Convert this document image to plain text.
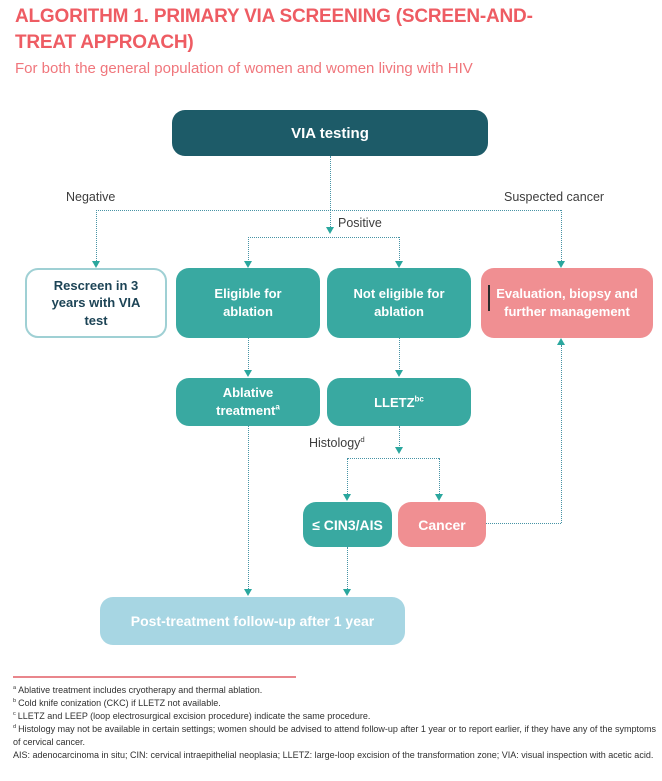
ALGORITHM 1. PRIMARY VIA SCREENING (SCREEN-AND-TREAT APPROACH)
For both the general population of women and women living with HIV
VIA testing
Negative	Suspected cancer
Positive
Rescreen in 3 years with VIA test
Eligible for ablation
Not eligible for ablation
Evaluation, biopsy and further management
Ablative treatment$^a$	$LLETZ^{bc}$
Histology$^d$
≤ CIN3/AIS	Cancer
Post-treatment follow-up after 1 year
$^a$ Ablative treatment includes cryotherapy and thermal ablation.
$^b$ Cold knife conization (CKC) if LLETZ not available.
$^c$ LLETZ and LEEP (loop electrosurgical excision procedure) indicate the same procedure.
$^d$ Histology may not be available in certain settings; women should be advised to attend follow-up after 1 year or to report earlier, if they have any of the symptoms of cervical cancer.
AIS: adenocarcinoma in situ; CIN: cervical intraepithelial neoplasia; LLETZ: large-loop excision of the transformation zone; VIA: visual inspection with acetic acid.
